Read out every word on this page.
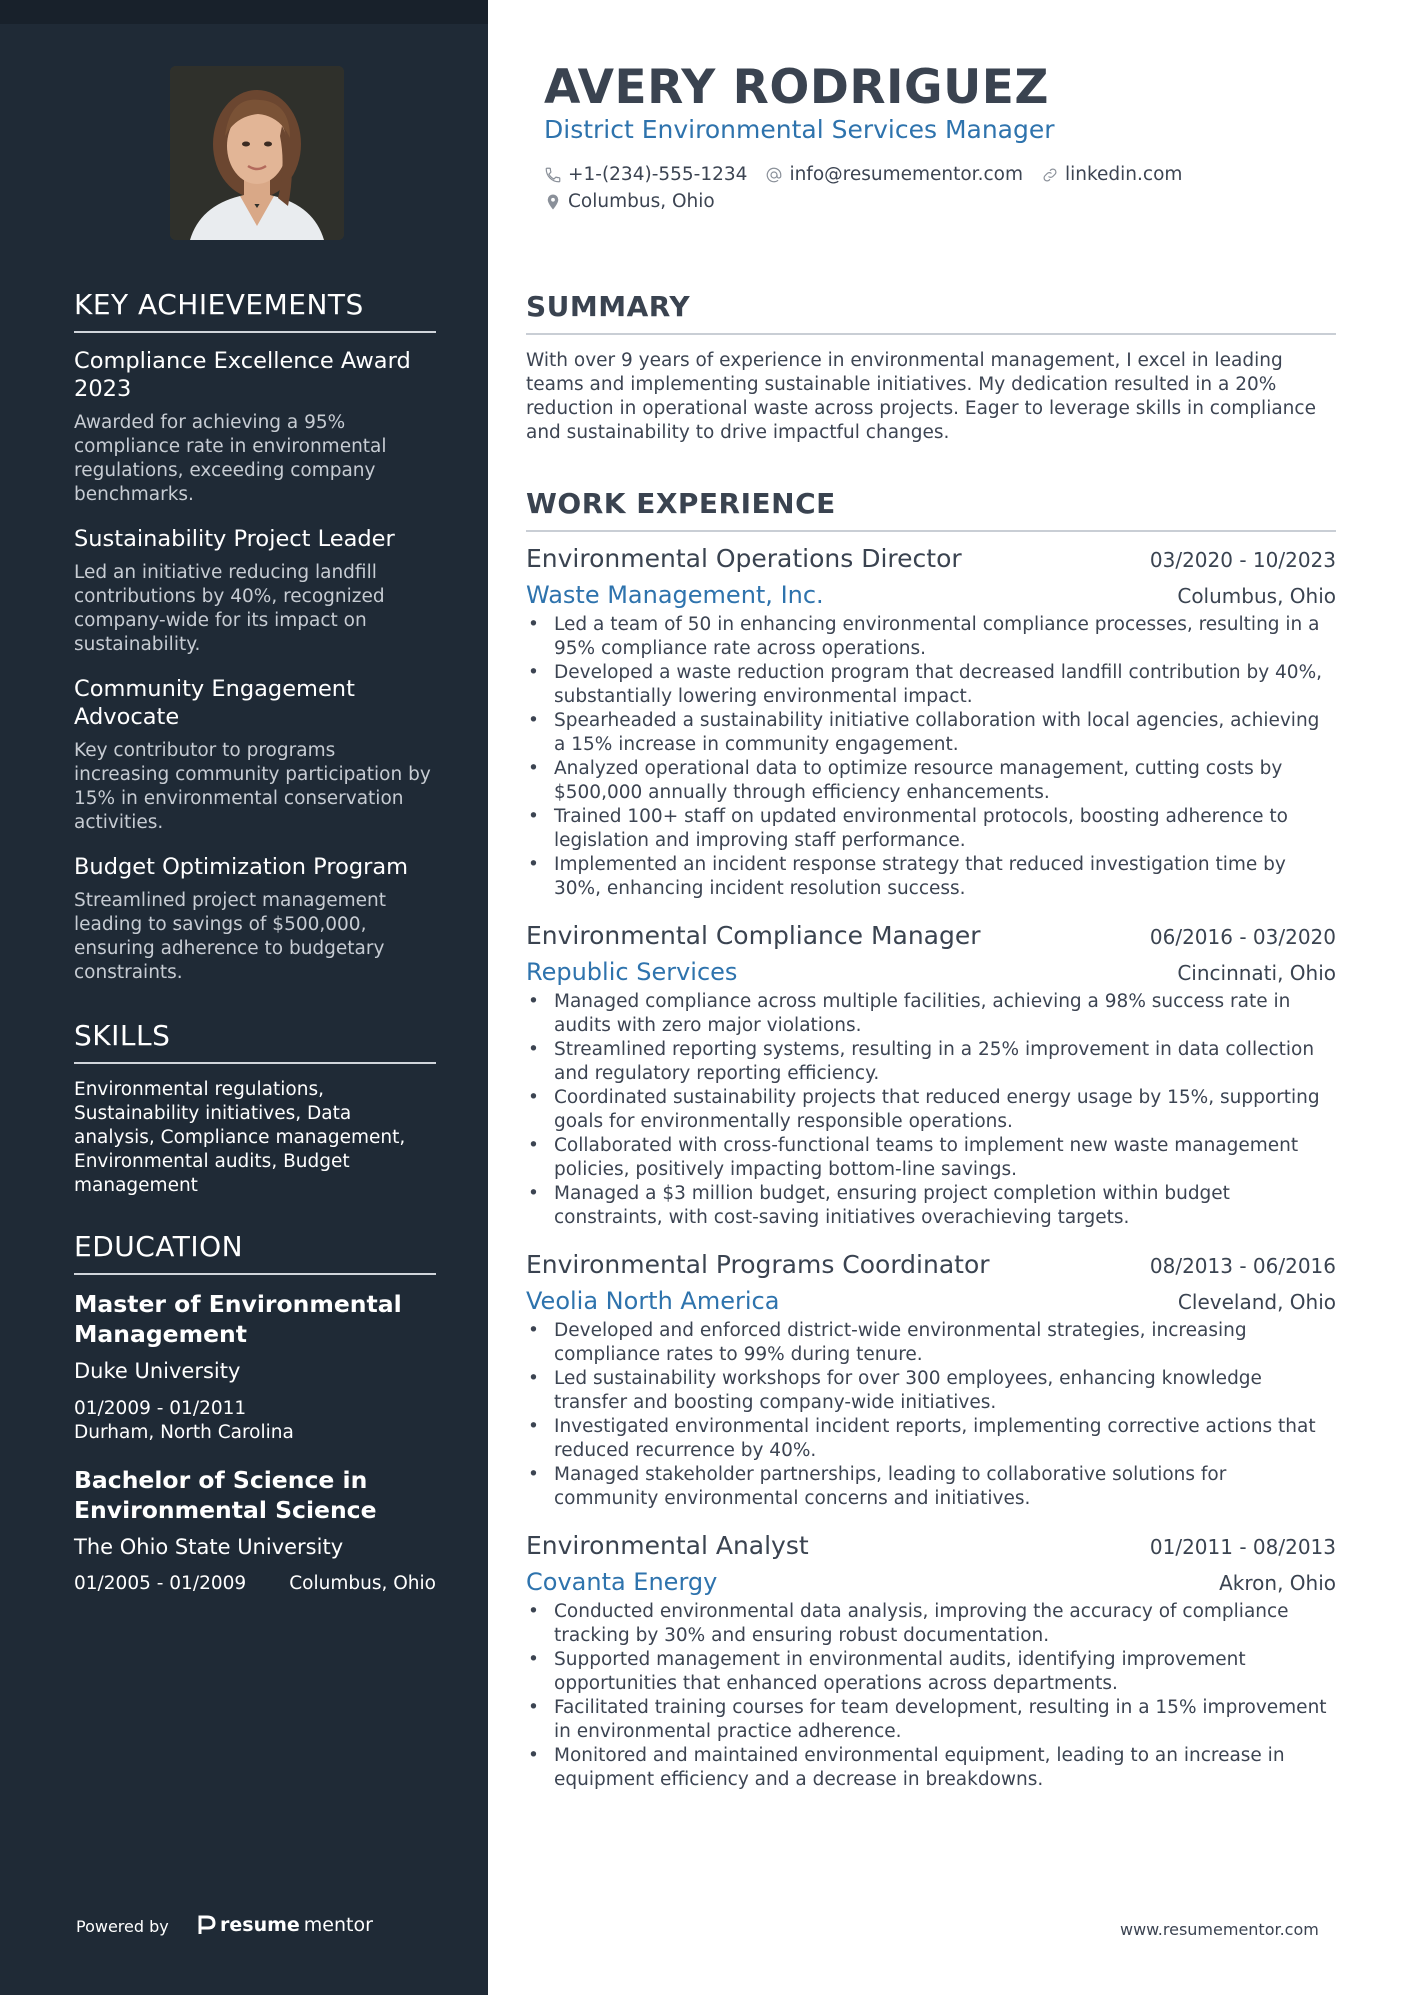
KEY ACHIEVEMENTS
Compliance Excellence Award 2023
Awarded for achieving a 95% compliance rate in environmental regulations, exceeding company benchmarks.
Sustainability Project Leader
Led an initiative reducing landfill contributions by 40%, recognized company-wide for its impact on sustainability.
Community Engagement Advocate
Key contributor to programs increasing community participation by 15% in environmental conservation activities.
Budget Optimization Program
Streamlined project management leading to savings of $500,000, ensuring adherence to budgetary constraints.
SKILLS
Environmental regulations, Sustainability initiatives, Data analysis, Compliance management, Environmental audits, Budget management
EDUCATION
Master of Environmental Management
Duke University
01/2009 - 01/2011
Durham, North Carolina
Bachelor of Science in Environmental Science
The Ohio State University
01/2005 - 01/2009 Columbus, Ohio
Powered by	resume mentor
AVERY RODRIGUEZ
District Environmental Services Manager
+1-(234)-555-1234 info@resumementor.com linkedin.com
Columbus, Ohio
SUMMARY

With over 9 years of experience in environmental management, I excel in leading teams and implementing sustainable initiatives. My dedication resulted in a 20% reduction in operational waste across projects. Eager to leverage skills in compliance and sustainability to drive impactful changes.

WORK EXPERIENCE
Environmental Operations Director	03/2020 - 10/2023
Waste Management, Inc.	Columbus, Ohio
• Led a team of 50 in enhancing environmental compliance processes, resulting in a 95% compliance rate across operations.
• Developed a waste reduction program that decreased landfill contribution by 40%, substantially lowering environmental impact.
• Spearheaded a sustainability initiative collaboration with local agencies, achieving a 15% increase in community engagement.
• Analyzed operational data to optimize resource management, cutting costs by $500,000 annually through efficiency enhancements.
• Trained 100+ staff on updated environmental protocols, boosting adherence to legislation and improving staff performance.
• Implemented an incident response strategy that reduced investigation time by 30%, enhancing incident resolution success.
Environmental Compliance Manager	06/2016 - 03/2020
Republic Services	Cincinnati, Ohio
• Managed compliance across multiple facilities, achieving a 98% success rate in audits with zero major violations.
• Streamlined reporting systems, resulting in a 25% improvement in data collection and regulatory reporting efficiency.
• Coordinated sustainability projects that reduced energy usage by 15%, supporting goals for environmentally responsible operations.
• Collaborated with cross-functional teams to implement new waste management policies, positively impacting bottom-line savings.
• Managed a $3 million budget, ensuring project completion within budget constraints, with cost-saving initiatives overachieving targets.
Environmental Programs Coordinator	08/2013 - 06/2016
Veolia North America	Cleveland, Ohio
• Developed and enforced district-wide environmental strategies, increasing compliance rates to 99% during tenure.
• Led sustainability workshops for over 300 employees, enhancing knowledge transfer and boosting company-wide initiatives.
• Investigated environmental incident reports, implementing corrective actions that reduced recurrence by 40%.
• Managed stakeholder partnerships, leading to collaborative solutions for community environmental concerns and initiatives.
Environmental Analyst	01/2011 - 08/2013
Covanta Energy	Akron, Ohio
• Conducted environmental data analysis, improving the accuracy of compliance tracking by 30% and ensuring robust documentation.
• Supported management in environmental audits, identifying improvement opportunities that enhanced operations across departments.
• Facilitated training courses for team development, resulting in a 15% improvement in environmental practice adherence.
• Monitored and maintained environmental equipment, leading to an increase in equipment efficiency and a decrease in breakdowns.
www.resumementor.com
